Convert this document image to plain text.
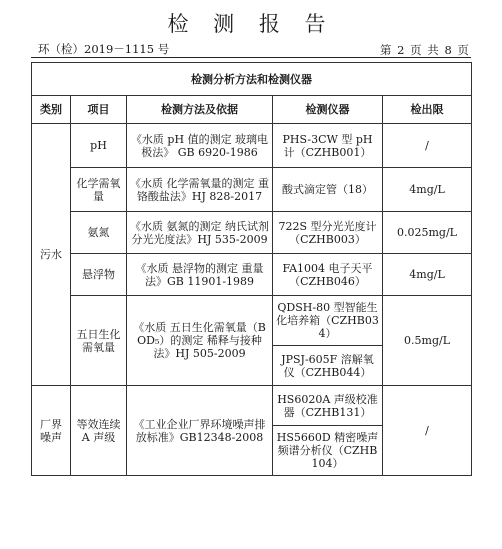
检 测 报 告
环（检）2019－1115 号	第 2 页 共 8 页
检测分析方法和检测仪器				
类别	项目	检测方法及依据	检测仪器	检出限
污水	pH	《水质 pH 值的测定 玻璃电极法》 GB 6920-1986	PHS-3CW 型 pH 计（CZHB001）	/
	化学需氧量	《水质 化学需氧量的测定 重铬酸盐法》HJ 828-2017	酸式滴定管（18）	4mg/L
	氨氮	《水质 氨氮的测定 纳氏试剂分光光度法》HJ 535-2009	722S 型分光光度计（CZHB003）	0.025mg/L
	悬浮物	《水质 悬浮物的测定 重量法》GB 11901-1989	FA1004 电子天平（CZHB046）	4mg/L
	五日生化需氧量	《水质 五日生化需氧量（BOD₅）的测定 稀释与接种法》HJ 505-2009	QDSH-80 型智能生化培养箱（CZHB034）	0.5mg/L
			JPSJ-605F 溶解氧仪（CZHB044）	
厂界噪声	等效连续 A 声级	《工业企业厂界环境噪声排放标准》GB12348-2008	HS6020A 声级校准器（CZHB131）	/
			HS5660D 精密噪声频谱分析仪（CZHB104）	
